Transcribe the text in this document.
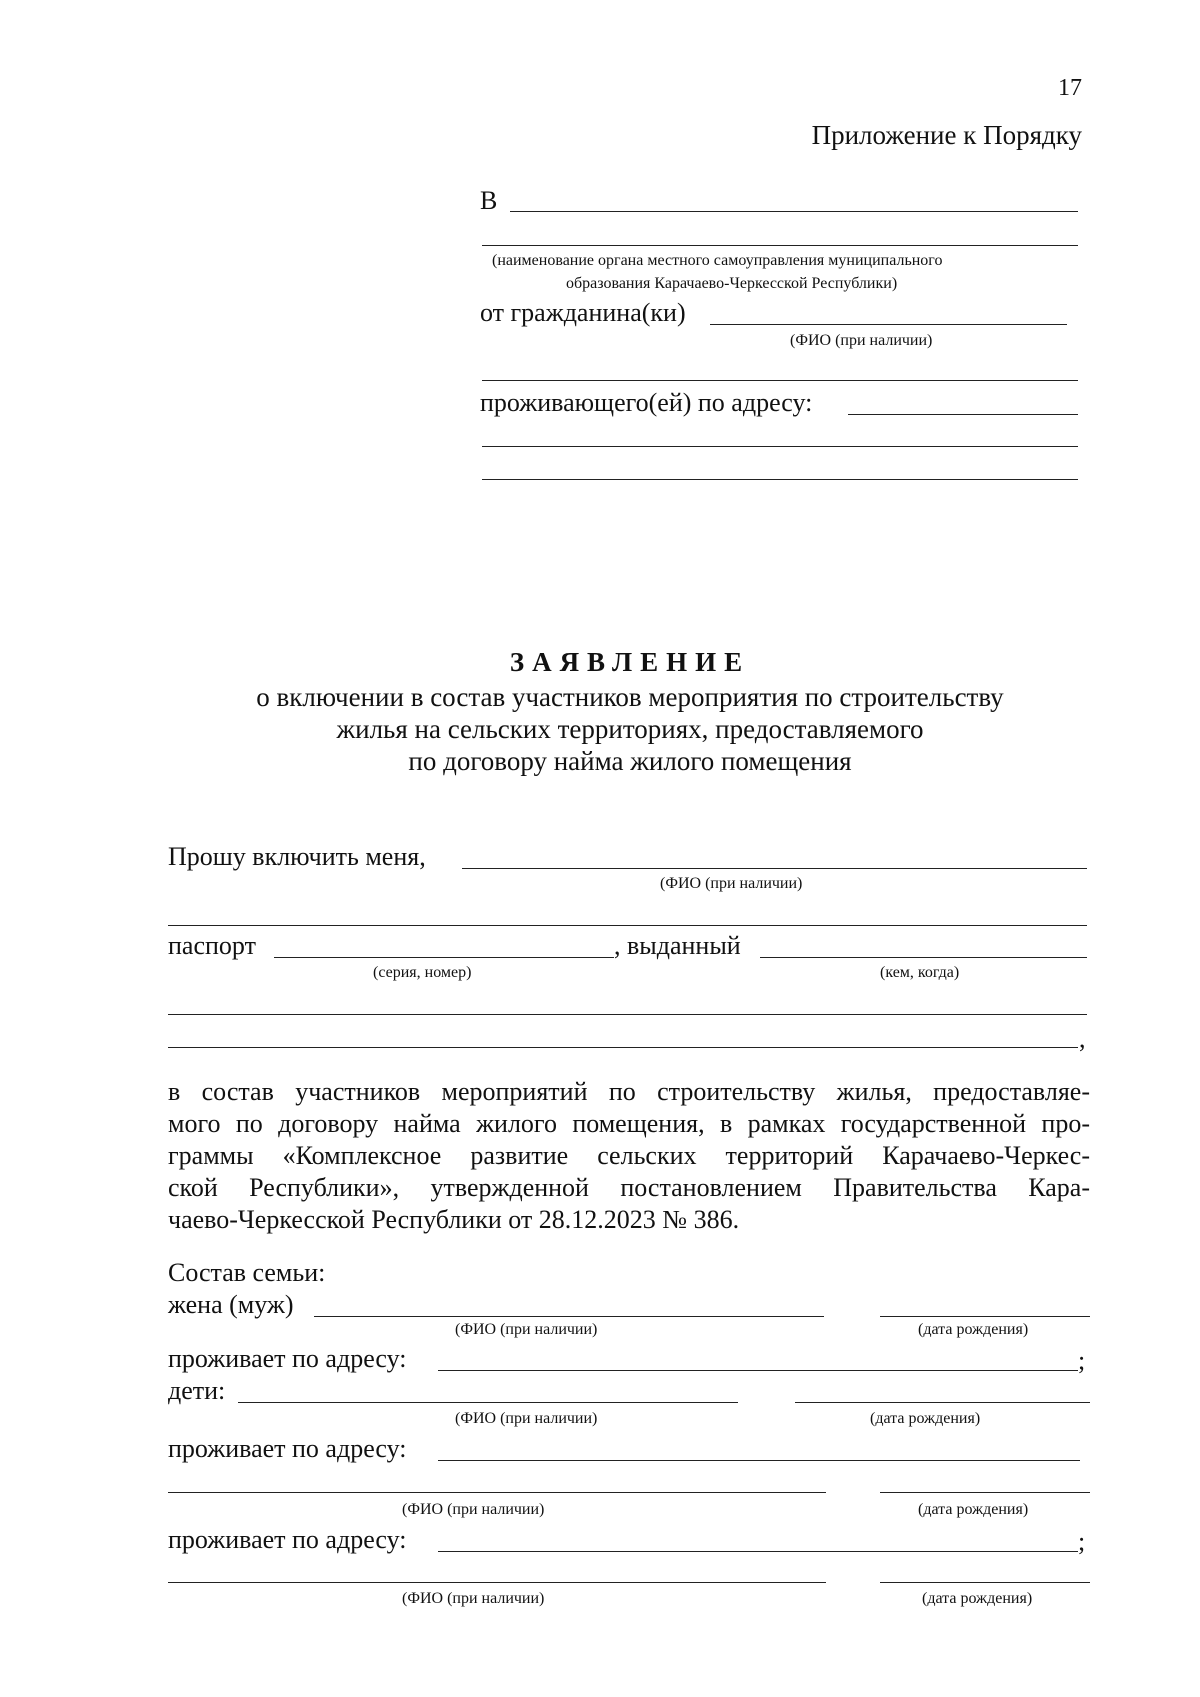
17
Приложение к Порядку
В
(наименование органа местного самоуправления муниципального
образования Карачаево-Черкесской Республики)
от гражданина(ки)
(ФИО (при наличии)
проживающего(ей) по адресу:
ЗАЯВЛЕНИЕ
о включении в состав участников мероприятия по строительству
жилья на сельских территориях, предоставляемого
по договору найма жилого помещения
Прошу включить меня,
(ФИО (при наличии)
паспорт	, выданный
(серия, номер)	(кем, когда)
,
в состав участников мероприятий по строительству жилья, предоставляе-
мого по договору найма жилого помещения, в рамках государственной про-
граммы «Комплексное развитие сельских территорий Карачаево-Черкес-
ской Республики», утвержденной постановлением Правительства Кара-
чаево-Черкесской Республики от 28.12.2023 № 386.
Состав семьи:
жена (муж)
(ФИО (при наличии)	(дата рождения)
проживает по адресу:	;
дети:
(ФИО (при наличии)	(дата рождения)
проживает по адресу:
(ФИО (при наличии)	(дата рождения)
проживает по адресу:	;
(ФИО (при наличии)	(дата рождения)
